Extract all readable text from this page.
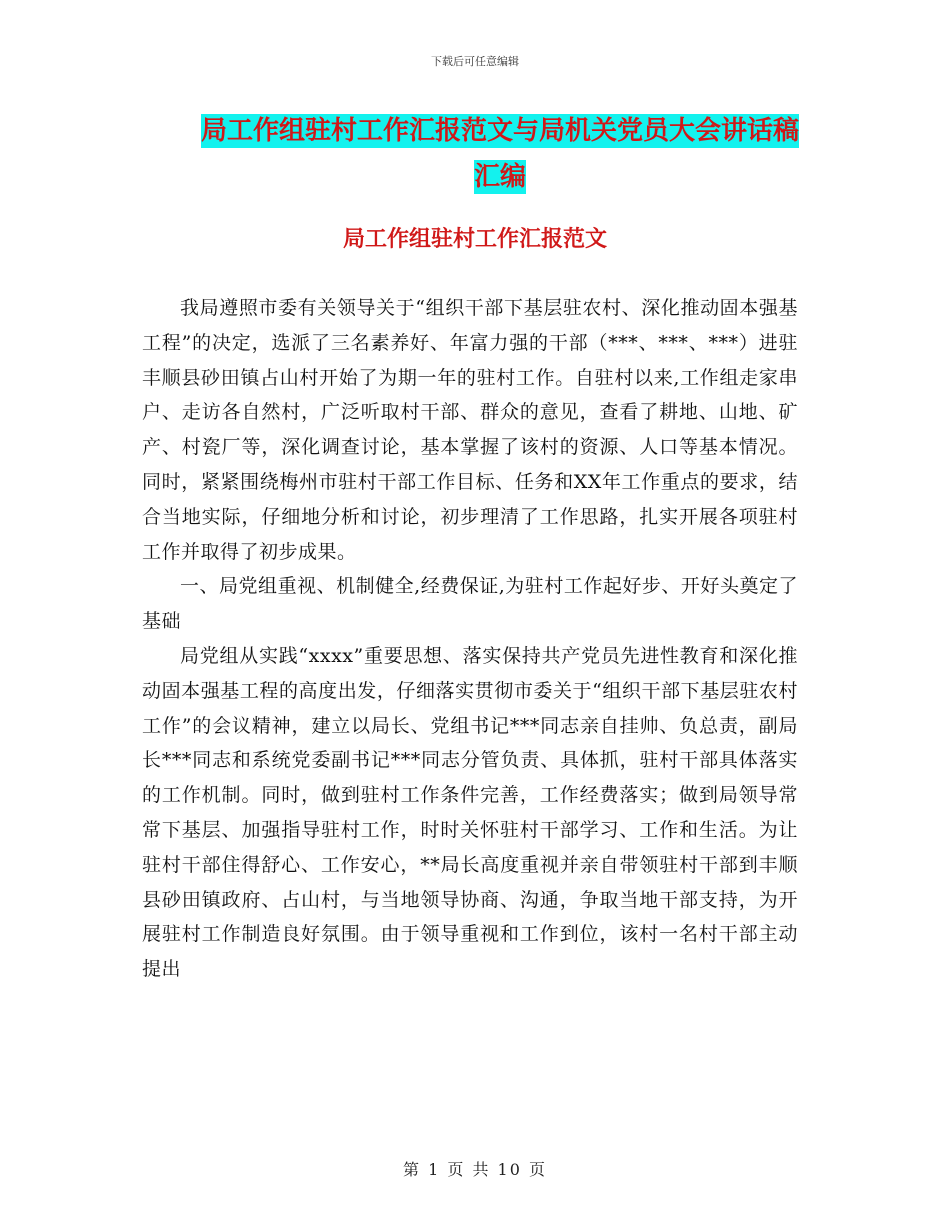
下载后可任意编辑
局工作组驻村工作汇报范文与局机关党员大会讲话稿
汇编
局工作组驻村工作汇报范文

我局遵照市委有关领导关于“组织干部下基层驻农村、深化推动固本强基工程”的决定，选派了三名素养好、年富力强的干部（***、***、***）进驻丰顺县砂田镇占山村开始了为期一年的驻村工作。自驻村以来,工作组走家串户、走访各自然村，广泛听取村干部、群众的意见，查看了耕地、山地、矿产、村瓷厂等，深化调查讨论，基本掌握了该村的资源、人口等基本情况。同时，紧紧围绕梅州市驻村干部工作目标、任务和XX年工作重点的要求，结合当地实际，仔细地分析和讨论，初步理清了工作思路，扎实开展各项驻村工作并取得了初步成果。

一、局党组重视、机制健全,经费保证,为驻村工作起好步、开好头奠定了基础

局党组从实践“xxxx”重要思想、落实保持共产党员先进性教育和深化推动固本强基工程的高度出发，仔细落实贯彻市委关于“组织干部下基层驻农村工作”的会议精神，建立以局长、党组书记***同志亲自挂帅、负总责，副局长***同志和系统党委副书记***同志分管负责、具体抓，驻村干部具体落实的工作机制。同时，做到驻村工作条件完善，工作经费落实；做到局领导常常下基层、加强指导驻村工作，时时关怀驻村干部学习、工作和生活。为让驻村干部住得舒心、工作安心，**局长高度重视并亲自带领驻村干部到丰顺县砂田镇政府、占山村，与当地领导协商、沟通，争取当地干部支持，为开展驻村工作制造良好氛围。由于领导重视和工作到位，该村一名村干部主动提出

第 1 页 共 10 页
